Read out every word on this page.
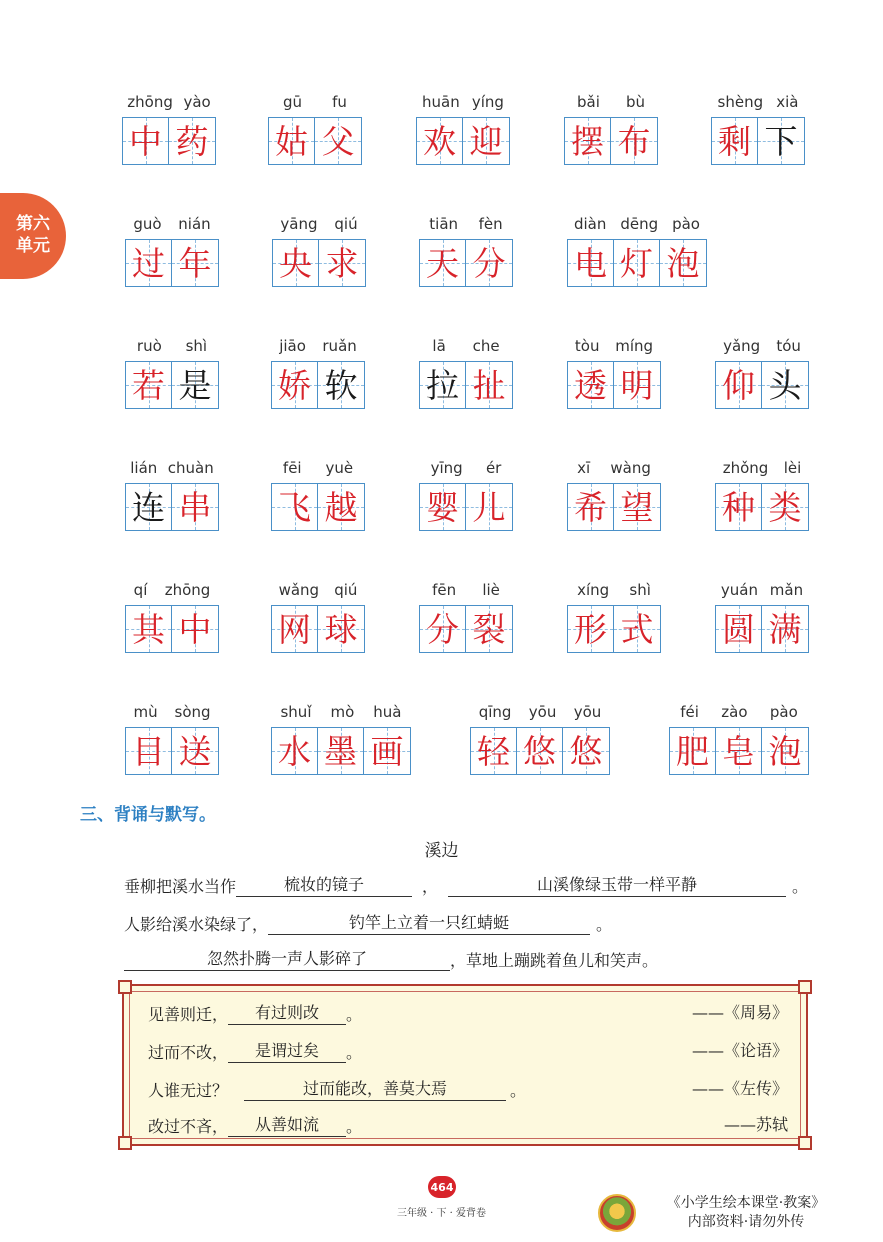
第六
单元
zhōng yào
中 药
gū fu
姑 父
huān yíng
欢 迎
bǎi bù
摆 布
shèng xià
剩 下
guò nián
过 年
yāng qiú
央 求
tiān fèn
天 分
diàn dēng pào
电 灯 泡
ruò shì
若 是
jiāo ruǎn
娇 软
lā che
拉 扯
tòu míng
透 明
yǎng tóu
仰 头
lián chuàn
连 串
fēi yuè
飞 越
yīng ér
婴 儿
xī wàng
希 望
zhǒng lèi
种 类
qí zhōng
其 中
wǎng qiú
网 球
fēn liè
分 裂
xíng shì
形 式
yuán mǎn
圆 满
mù sòng
目 送
shuǐ mò huà
水 墨 画
qīng yōu yōu
轻 悠 悠
féi zào pào
肥 皂 泡
三、背诵与默写。
溪边
垂柳把溪水当作	梳妆的镜子	，	山溪像绿玉带一样平静	。
人影给溪水染绿了，	钓竿上立着一只红蜻蜓	。
忽然扑腾一声人影碎了	，草地上蹦跳着鱼儿和笑声。
见善则迁，	有过则改	。	——《周易》
过而不改，	是谓过矣	。	——《论语》
人谁无过？	过而能改，善莫大焉	。	——《左传》
改过不吝，	从善如流	。	——苏轼
464
三年级 · 下 · 爱背卷
《小学生绘本课堂·教案》
内部资料·请勿外传
